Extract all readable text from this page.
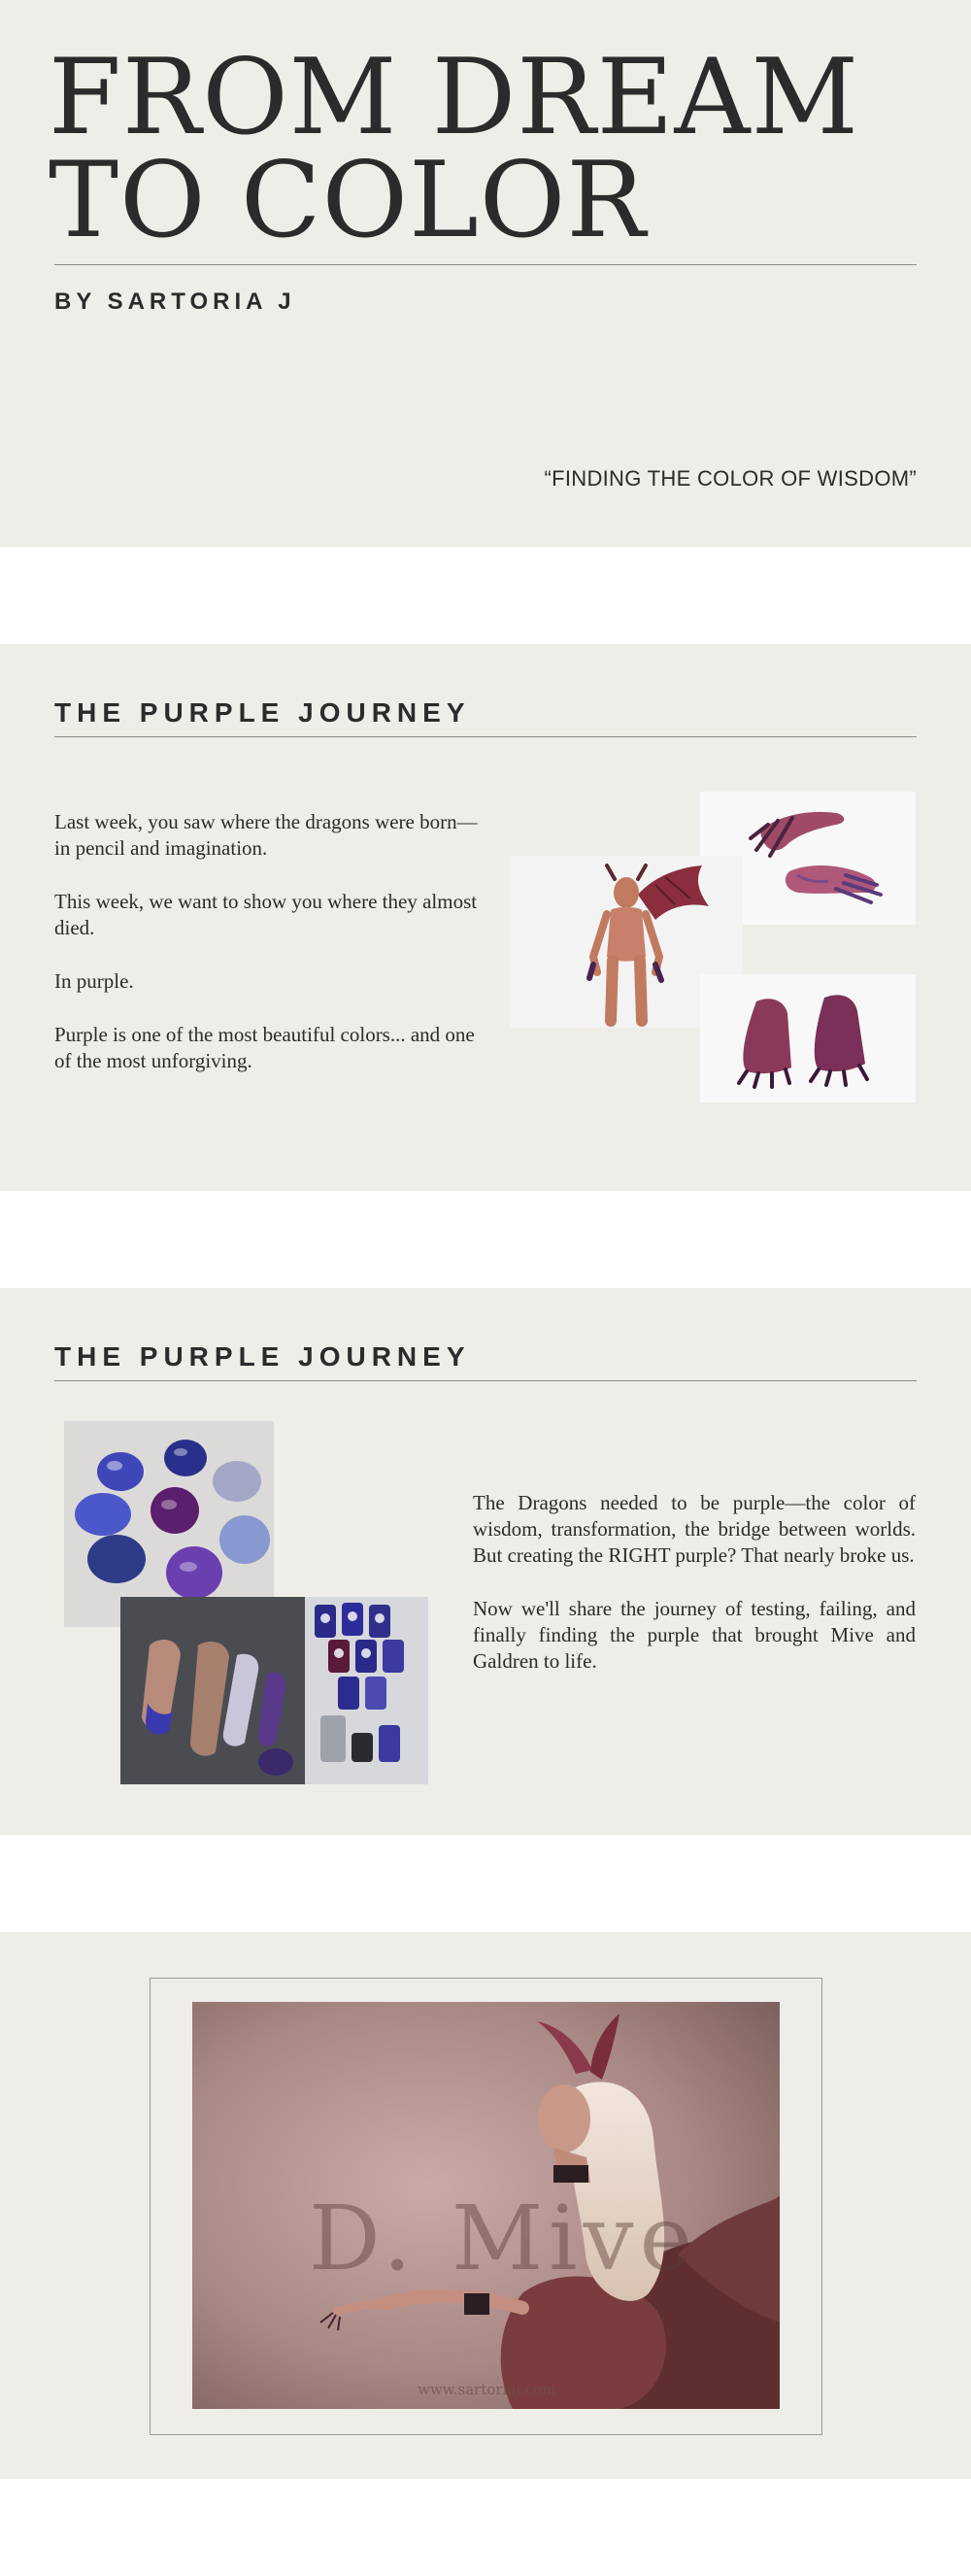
FROM DREAM
TO COLOR
BY SARTORIA J
“FINDING THE COLOR OF WISDOM”
THE PURPLE JOURNEY

Last week, you saw where the dragons were born—in pencil and imagination.

This week, we want to show you where they almost died.

In purple.

Purple is one of the most beautiful colors... and one of the most unforgiving.

THE PURPLE JOURNEY

The Dragons needed to be purple—the color of wisdom, transformation, the bridge between worlds. But creating the RIGHT purple? That nearly broke us.

Now we'll share the journey of testing, failing, and finally finding the purple that brought Mive and Galdren to life.

D. Mive
www.sartoriaj.com
